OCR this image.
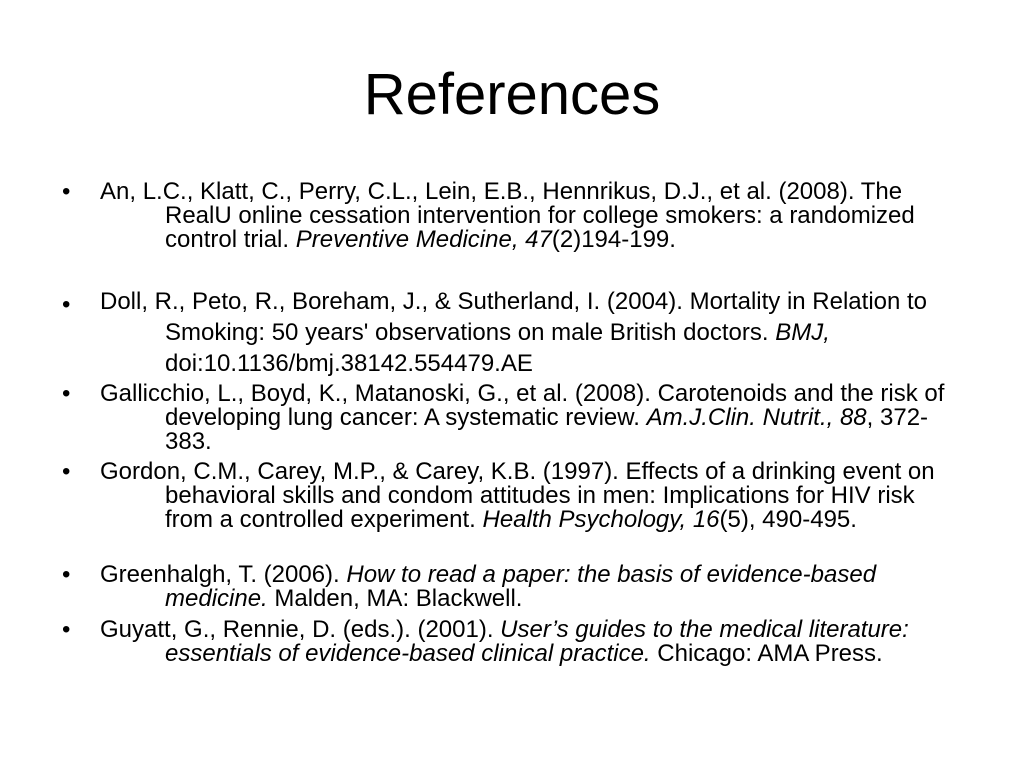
References
• An, L.C., Klatt, C., Perry, C.L., Lein, E.B., Hennrikus, D.J., et al. (2008). The RealU online cessation intervention for college smokers: a randomized control trial. Preventive Medicine, 47(2)194-199.
• Doll, R., Peto, R., Boreham, J., & Sutherland, I. (2004). Mortality in Relation to Smoking: 50 years' observations on male British doctors. BMJ, doi:10.1136/bmj.38142.554479.AE
• Gallicchio, L., Boyd, K., Matanoski, G., et al. (2008). Carotenoids and the risk of developing lung cancer: A systematic review. Am.J.Clin. Nutrit., 88, 372-383.
• Gordon, C.M., Carey, M.P., & Carey, K.B. (1997). Effects of a drinking event on behavioral skills and condom attitudes in men: Implications for HIV risk from a controlled experiment. Health Psychology, 16(5), 490-495.
• Greenhalgh, T. (2006). How to read a paper: the basis of evidence-based medicine. Malden, MA: Blackwell.
• Guyatt, G., Rennie, D. (eds.). (2001). User’s guides to the medical literature: essentials of evidence-based clinical practice. Chicago: AMA Press.
